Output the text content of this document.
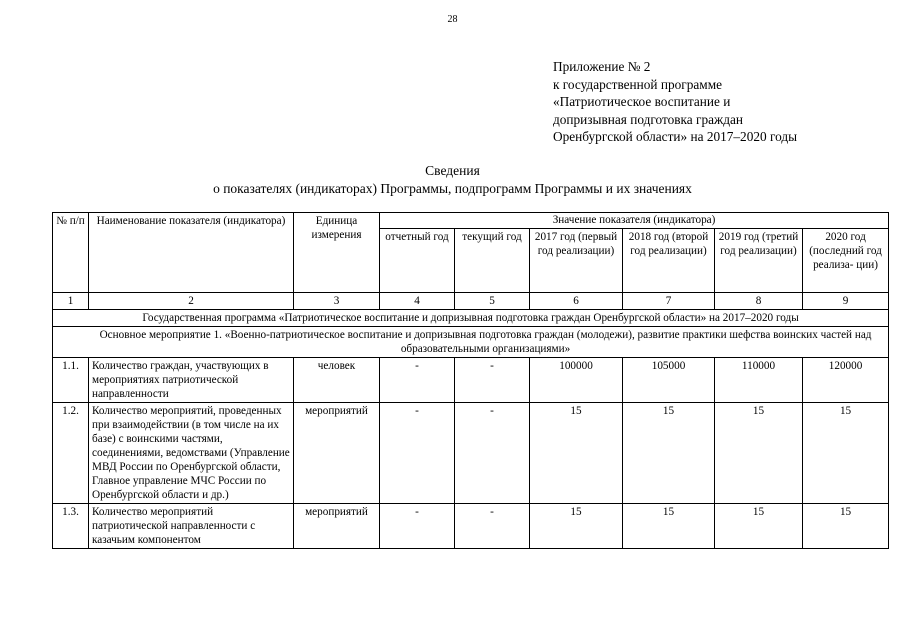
28
Приложение № 2
к государственной программе
«Патриотическое воспитание и
допризывная подготовка граждан
Оренбургской области» на 2017–2020 годы
Сведения
о показателях (индикаторах) Программы, подпрограмм Программы и их значениях
№ п/п	Наименование показателя (индикатора)	Единица измерения	Значение показателя (индикатора)					
			отчетный год	текущий год	2017 год (первый год реализации)	2018 год (второй год реализации)	2019 год (третий год реализации)	2020 год (последний год реализа- ции)
1	2	3	4	5	6	7	8	9
Государственная программа «Патриотическое воспитание и допризывная подготовка граждан Оренбургской области» на 2017–2020 годы								
Основное мероприятие 1. «Военно-патриотическое воспитание и допризывная подготовка граждан (молодежи), развитие практики шефства воинских частей над образовательными организациями»								
1.1.	Количество граждан, участвующих в мероприятиях патриотической направленности	человек	-	-	100000	105000	110000	120000
1.2.	Количество мероприятий, проведенных при взаимодействии (в том числе на их базе) с воинскими частями, соединениями, ведомствами (Управление МВД России по Оренбургской области, Главное управление МЧС России по Оренбургской области и др.)	мероприятий	-	-	15	15	15	15
1.3.	Количество мероприятий патриотической направленности с казачьим компонентом	мероприятий	-	-	15	15	15	15
